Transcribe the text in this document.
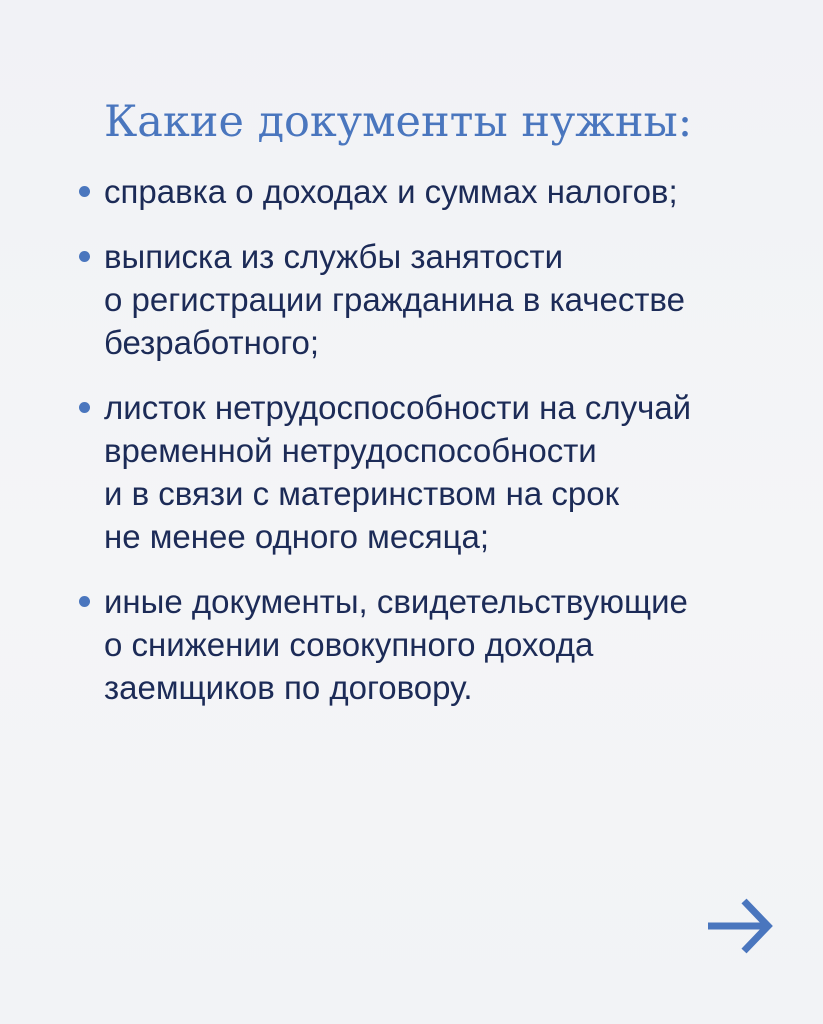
Какие документы нужны:
справка о доходах и суммах налогов;
выписка из службы занятости
о регистрации гражданина в качестве
безработного;
листок нетрудоспособности на случай
временной нетрудоспособности
и в связи с материнством на срок
не менее одного месяца;
иные документы, свидетельствующие
о снижении совокупного дохода
заемщиков по договору.
